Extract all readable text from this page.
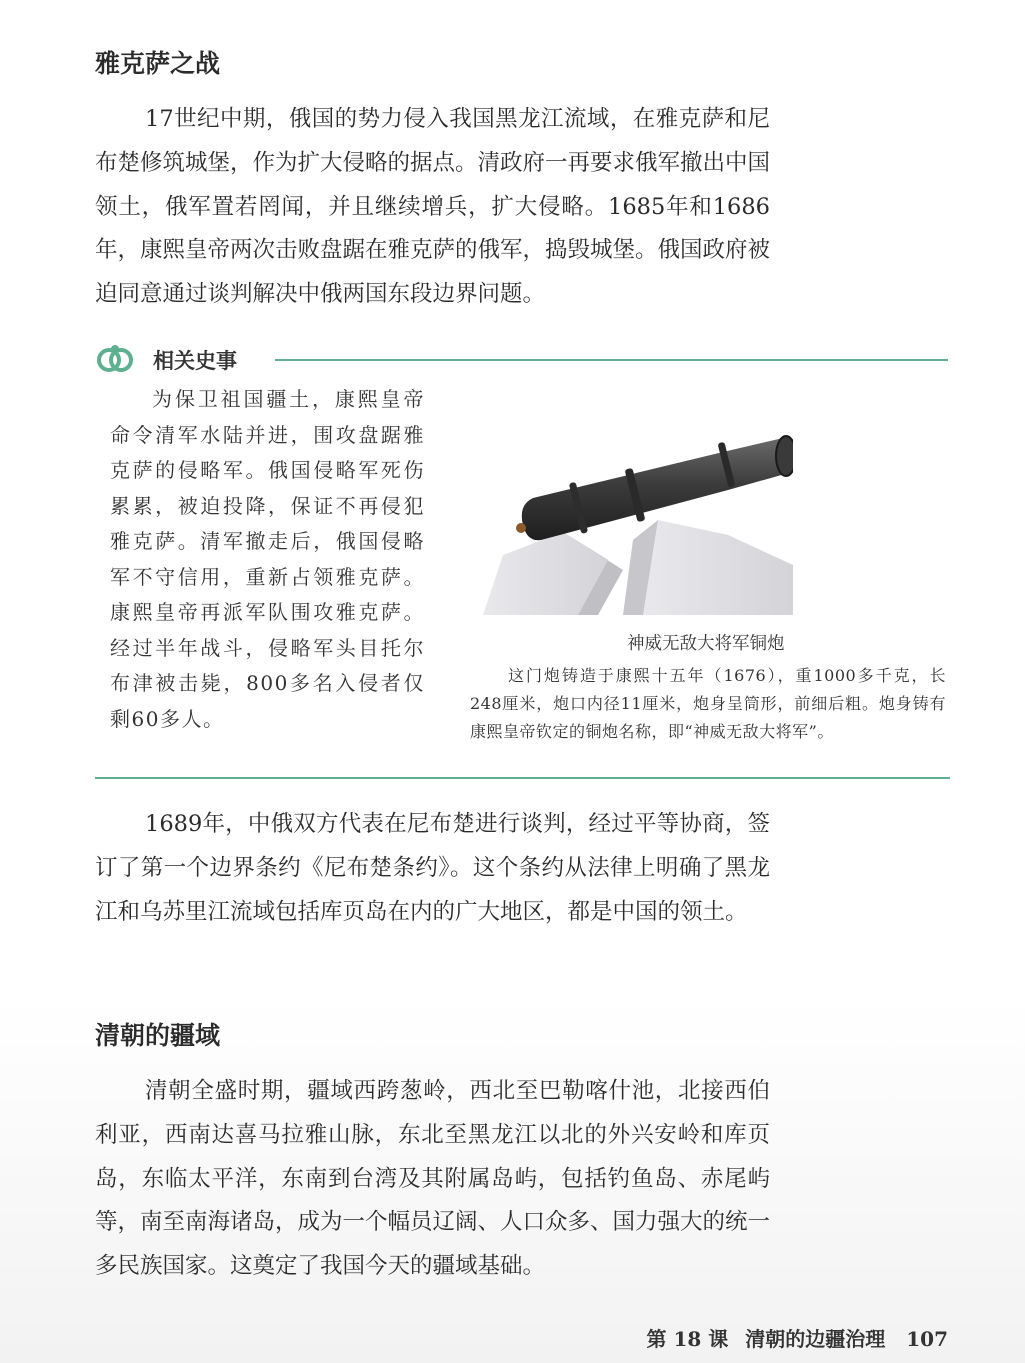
雅克萨之战

17世纪中期，俄国的势力侵入我国黑龙江流域，在雅克萨和尼布楚修筑城堡，作为扩大侵略的据点。清政府一再要求俄军撤出中国领土，俄军置若罔闻，并且继续增兵，扩大侵略。1685年和1686年，康熙皇帝两次击败盘踞在雅克萨的俄军，捣毁城堡。俄国政府被迫同意通过谈判解决中俄两国东段边界问题。

相关史事

为保卫祖国疆土，康熙皇帝命令清军水陆并进，围攻盘踞雅克萨的侵略军。俄国侵略军死伤累累，被迫投降，保证不再侵犯雅克萨。清军撤走后，俄国侵略军不守信用，重新占领雅克萨。康熙皇帝再派军队围攻雅克萨。经过半年战斗，侵略军头目托尔布津被击毙，800多名入侵者仅剩60多人。

神威无敌大将军铜炮

这门炮铸造于康熙十五年（1676），重1000多千克，长248厘米，炮口内径11厘米，炮身呈筒形，前细后粗。炮身铸有康熙皇帝钦定的铜炮名称，即“神威无敌大将军”。

1689年，中俄双方代表在尼布楚进行谈判，经过平等协商，签订了第一个边界条约《尼布楚条约》。这个条约从法律上明确了黑龙江和乌苏里江流域包括库页岛在内的广大地区，都是中国的领土。

清朝的疆域

清朝全盛时期，疆域西跨葱岭，西北至巴勒喀什池，北接西伯利亚，西南达喜马拉雅山脉，东北至黑龙江以北的外兴安岭和库页岛，东临太平洋，东南到台湾及其附属岛屿，包括钓鱼岛、赤尾屿等，南至南海诸岛，成为一个幅员辽阔、人口众多、国力强大的统一多民族国家。这奠定了我国今天的疆域基础。

第 18 课 清朝的边疆治理 107
